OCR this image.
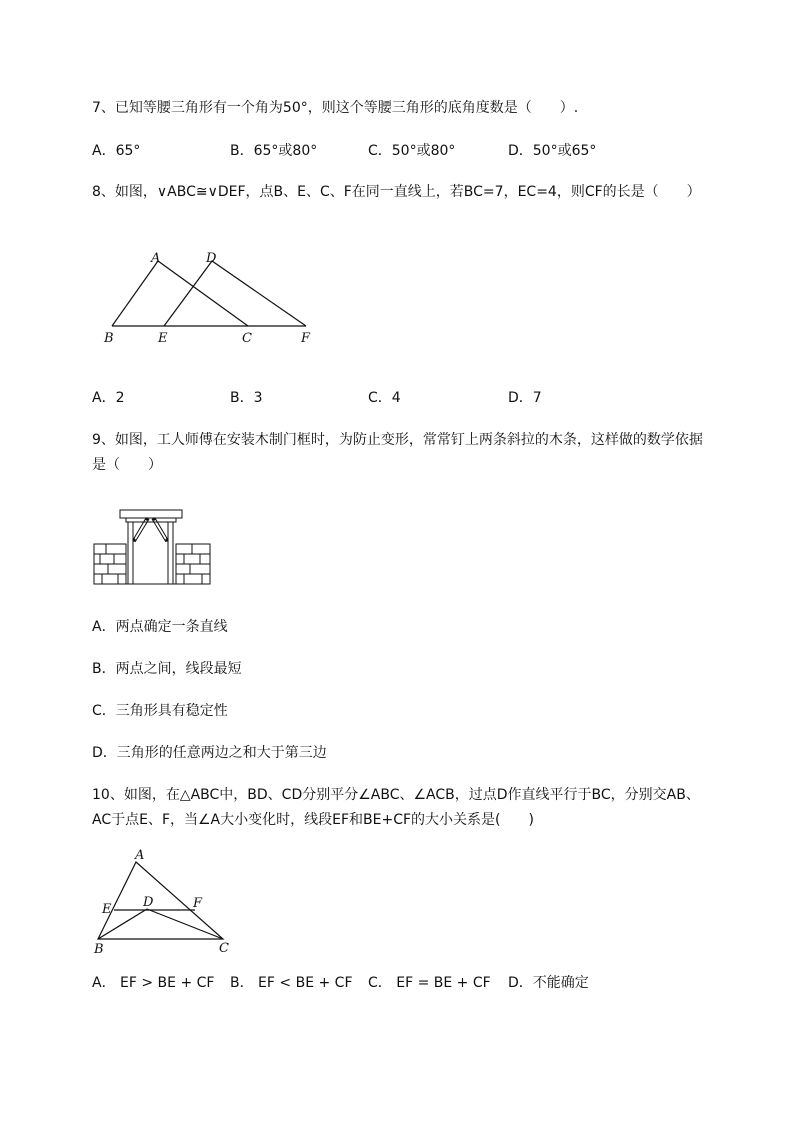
7、已知等腰三角形有一个角为50°，则这个等腰三角形的底角度数是（　　）.
A．65°	B．65°或80°	C．50°或80°	D．50°或65°
8、如图，∨ABC≅∨DEF，点B、E、C、F在同一直线上，若BC=7，EC=4，则CF的长是（　　）
A	D
B	E	C	F
A．2	B．3	C．4	D．7
9、如图，工人师傅在安装木制门框时，为防止变形，常常钉上两条斜拉的木条，这样做的数学依据
是（　　）
A．两点确定一条直线
B．两点之间，线段最短
C．三角形具有稳定性
D．三角形的任意两边之和大于第三边
10、如图，在△ABC中，BD、CD分别平分∠ABC、∠ACB，过点D作直线平行于BC，分别交AB、
AC于点E、F，当∠A大小变化时，线段EF和BE+CF的大小关系是(　　)
A
D
E	F
B	C
A． EF > BE + CF B． EF < BE + CF C． EF = BE + CF D．不能确定
